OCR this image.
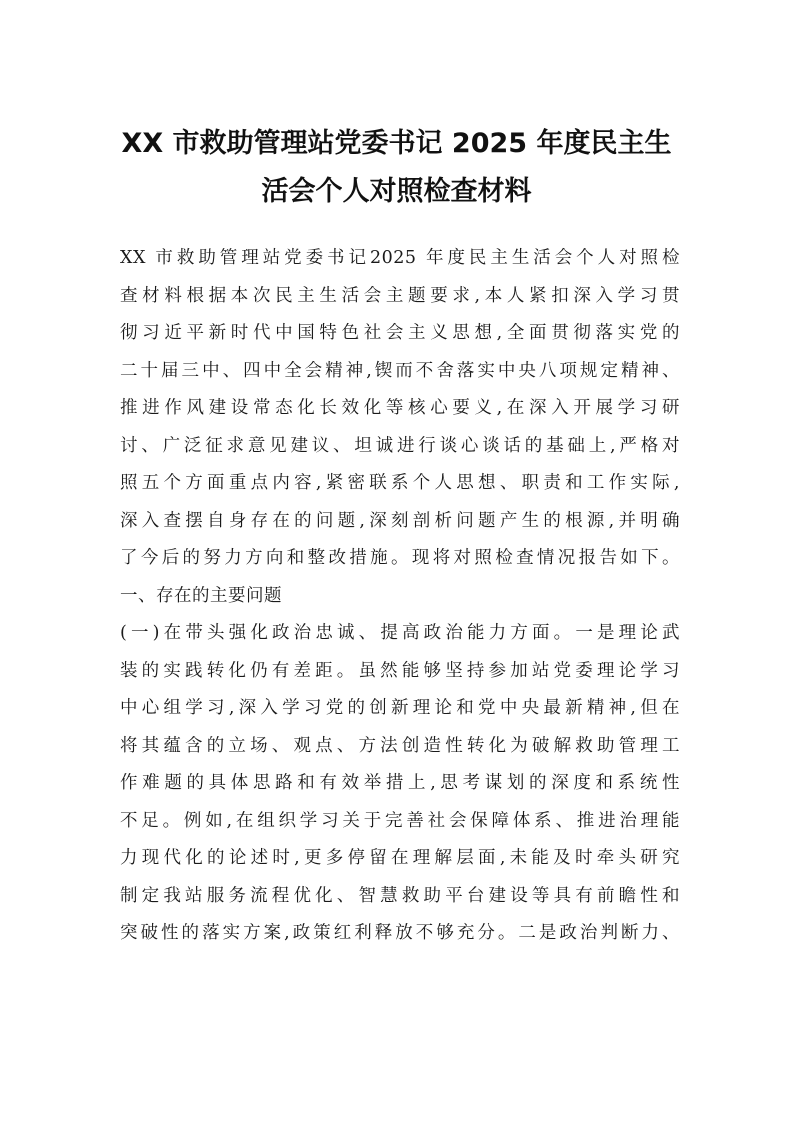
XX 市救助管理站党委书记 2025 年度民主生
活会个人对照检查材料
XX 市救助管理站党委书记2025 年度民主生活会个人对照检
查材料根据本次民主生活会主题要求,本人紧扣深入学习贯
彻习近平新时代中国特色社会主义思想,全面贯彻落实党的
二十届三中、四中全会精神,锲而不舍落实中央八项规定精神、
推进作风建设常态化长效化等核心要义,在深入开展学习研
讨、广泛征求意见建议、坦诚进行谈心谈话的基础上,严格对
照五个方面重点内容,紧密联系个人思想、职责和工作实际,
深入查摆自身存在的问题,深刻剖析问题产生的根源,并明确
了今后的努力方向和整改措施。现将对照检查情况报告如下。
一、存在的主要问题
(一)在带头强化政治忠诚、提高政治能力方面。一是理论武
装的实践转化仍有差距。虽然能够坚持参加站党委理论学习
中心组学习,深入学习党的创新理论和党中央最新精神,但在
将其蕴含的立场、观点、方法创造性转化为破解救助管理工
作难题的具体思路和有效举措上,思考谋划的深度和系统性
不足。例如,在组织学习关于完善社会保障体系、推进治理能
力现代化的论述时,更多停留在理解层面,未能及时牵头研究
制定我站服务流程优化、智慧救助平台建设等具有前瞻性和
突破性的落实方案,政策红利释放不够充分。二是政治判断力、
